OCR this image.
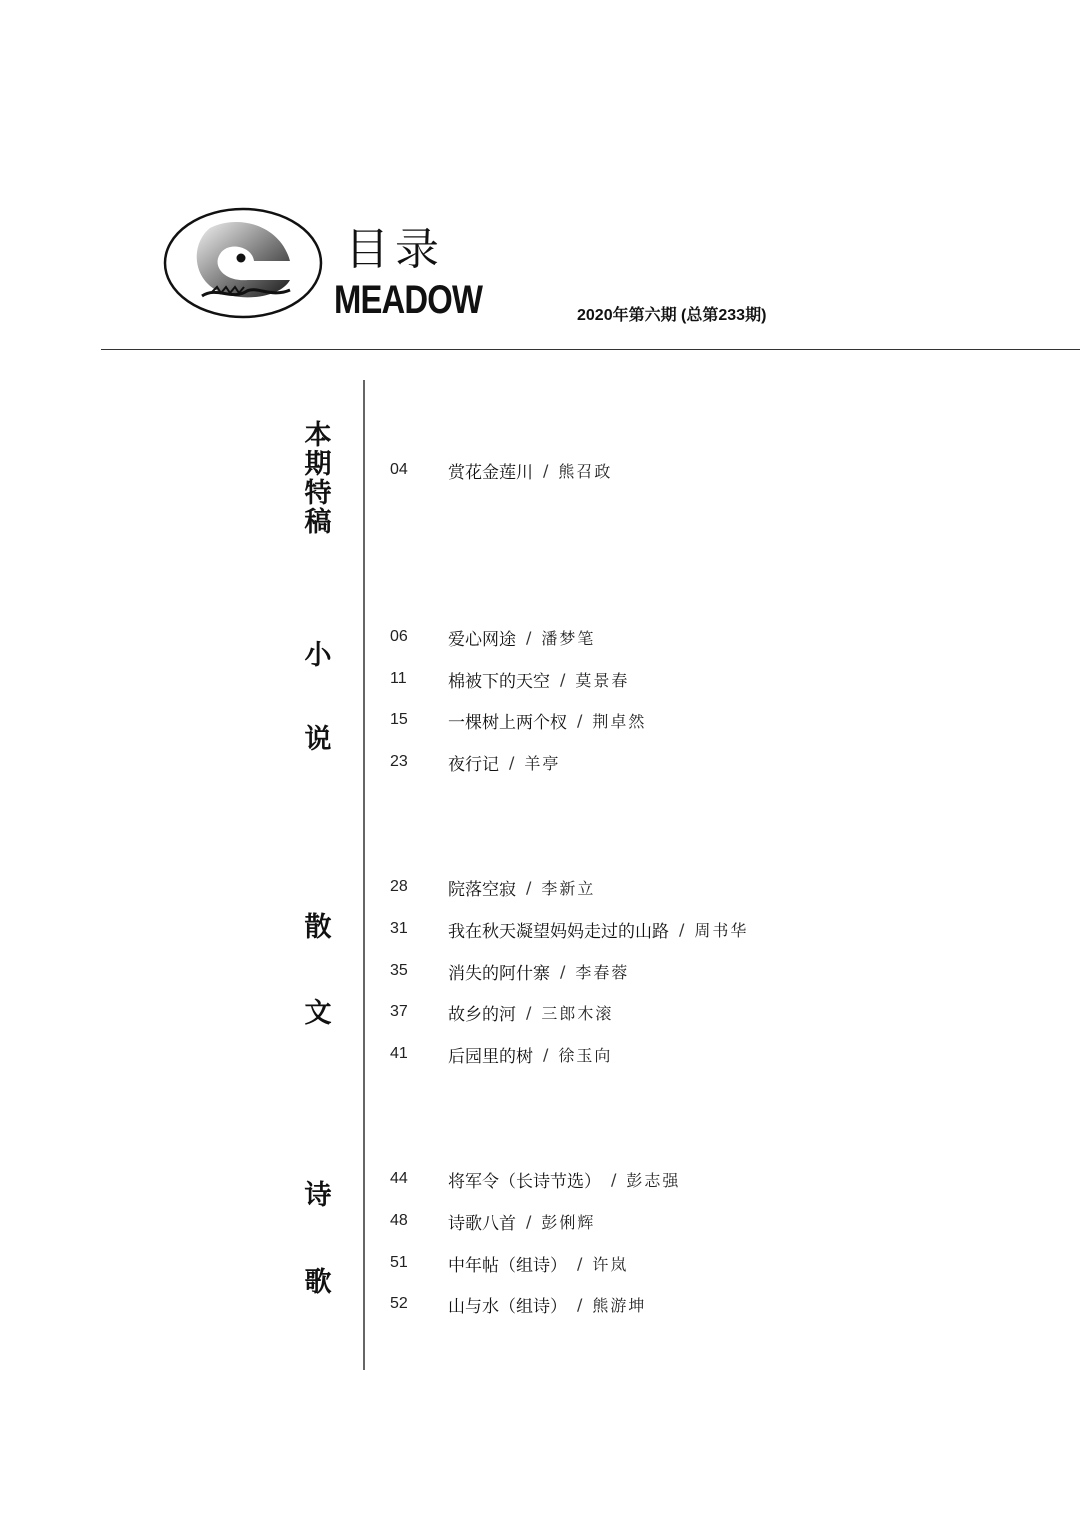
目录
MEADOW	2020年第六期 (总第233期)
本
期
特
稿
04	赏花金莲川 / 熊召政
小
说
06	爱心网途 / 潘梦笔
11	棉被下的天空 / 莫景春
15	一棵树上两个杈 / 荆卓然
23	夜行记 / 羊亭
散
文
28	院落空寂 / 李新立
31	我在秋天凝望妈妈走过的山路 / 周书华
35	消失的阿什寨 / 李春蓉
37	故乡的河 / 三郎木滚
41	后园里的树 / 徐玉向
诗
歌
44	将军令（长诗节选） / 彭志强
48	诗歌八首 / 彭俐辉
51	中年帖（组诗） / 许岚
52	山与水（组诗） / 熊游坤
